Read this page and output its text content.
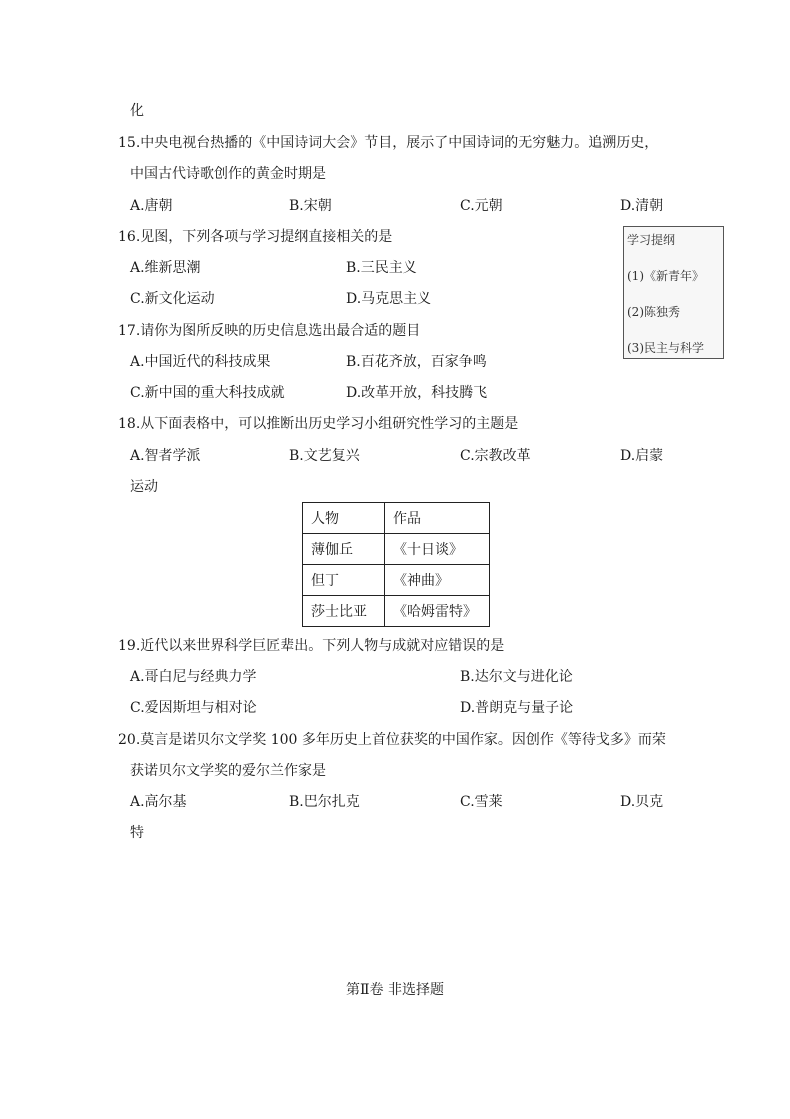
化
15.中央电视台热播的《中国诗词大会》节目，展示了中国诗词的无穷魅力。追溯历史，
中国古代诗歌创作的黄金时期是
A.唐朝	B.宋朝	C.元朝	D.清朝
16.见图，下列各项与学习提纲直接相关的是
A.维新思潮	B.三民主义
C.新文化运动	D.马克思主义
学习提纲
(1)《新青年》
(2)陈独秀
(3)民主与科学
17.请你为图所反映的历史信息选出最合适的题目
A.中国近代的科技成果	B.百花齐放，百家争鸣
C.新中国的重大科技成就	D.改革开放，科技腾飞
18.从下面表格中，可以推断出历史学习小组研究性学习的主题是
A.智者学派	B.文艺复兴	C.宗教改革	D.启蒙
运动
人物	作品
薄伽丘	《十日谈》
但丁	《神曲》
莎士比亚	《哈姆雷特》
19.近代以来世界科学巨匠辈出。下列人物与成就对应错误的是
A.哥白尼与经典力学	B.达尔文与进化论
C.爱因斯坦与相对论	D.普朗克与量子论
20.莫言是诺贝尔文学奖 100 多年历史上首位获奖的中国作家。因创作《等待戈多》而荣
获诺贝尔文学奖的爱尔兰作家是
A.高尔基	B.巴尔扎克	C.雪莱	D.贝克
特
第Ⅱ卷 非选择题
